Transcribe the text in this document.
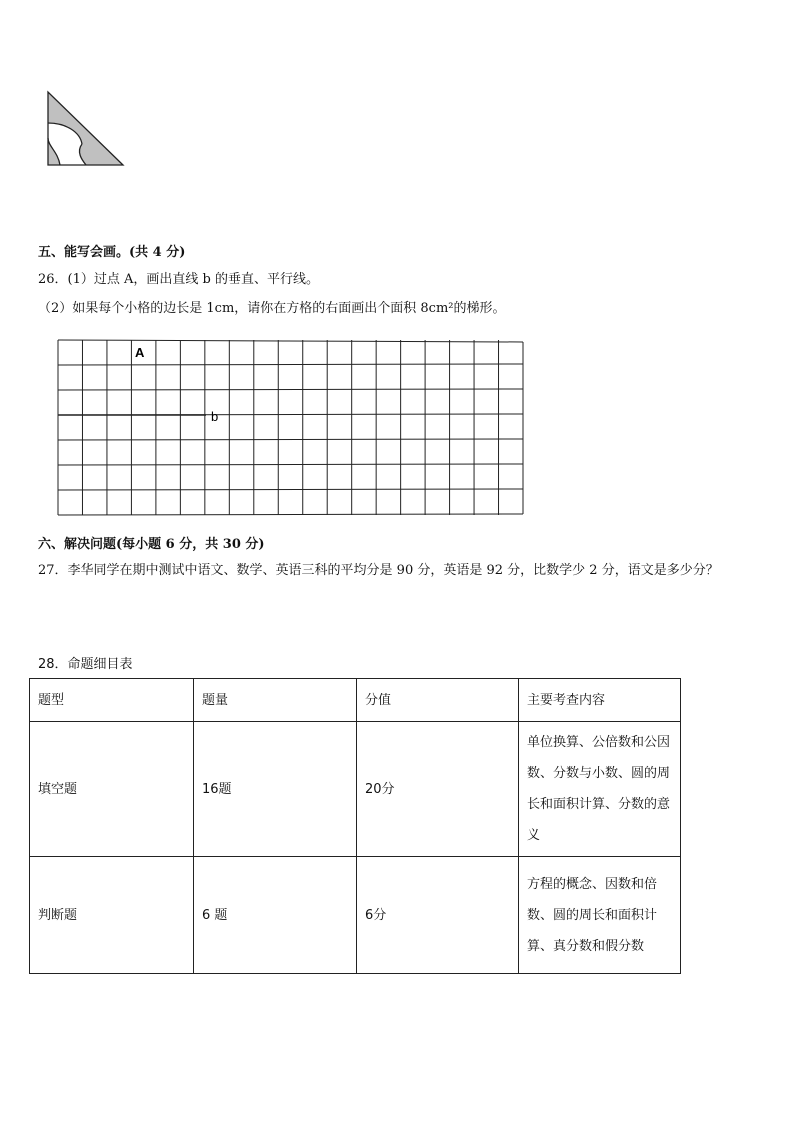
五、能写会画。(共 4 分)
26．(1）过点 A，画出直线 b 的垂直、平行线。
（2）如果每个小格的边长是 1cm，请你在方格的右面画出个面积 8cm²的梯形。
A
b
六、解决问题(每小题 6 分，共 30 分)
27．李华同学在期中测试中语文、数学、英语三科的平均分是 90 分，英语是 92 分，比数学少 2 分，语文是多少分？
28．命题细目表
题型	题量	分值	主要考查内容
填空题	16题	20分	单位换算、公倍数和公因数、分数与小数、圆的周长和面积计算、分数的意义
判断题	6 题	6分	方程的概念、因数和倍数、圆的周长和面积计算、真分数和假分数
